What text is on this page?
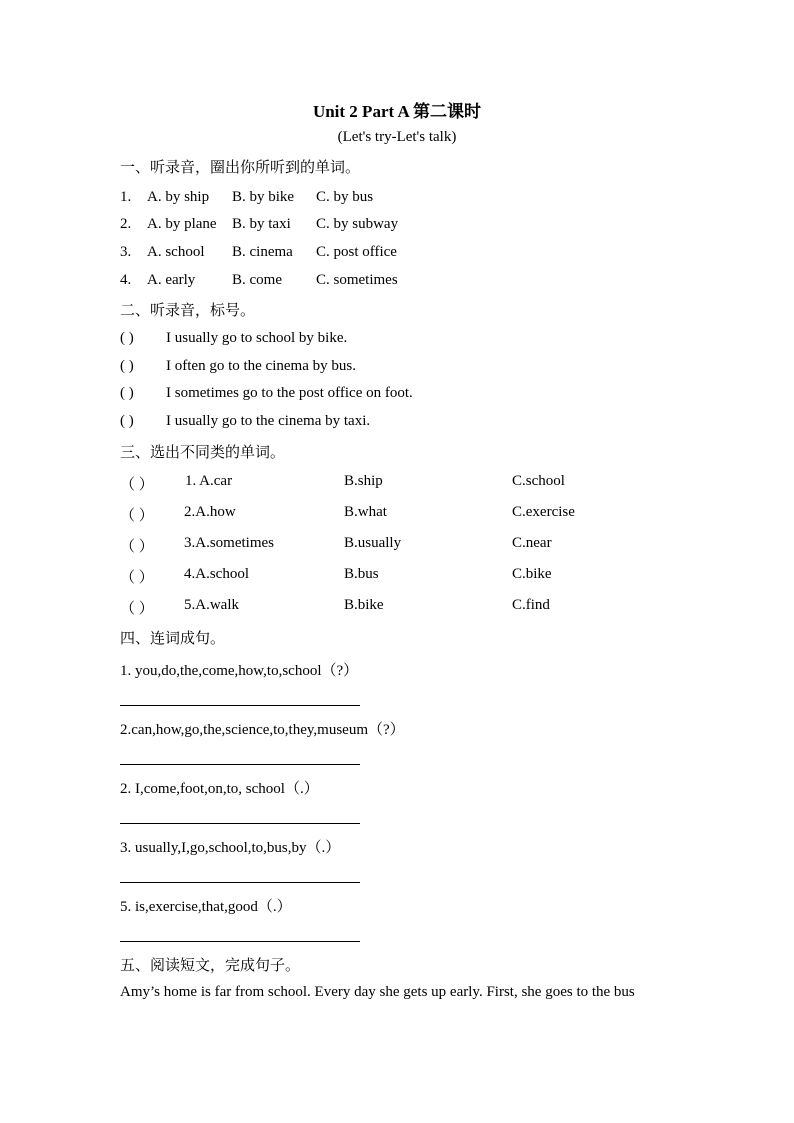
Unit 2 Part A 第二课时
(Let's try-Let's talk)
一、听录音，圈出你所听到的单词。
1. A. by ship B. by bike C. by bus
2. A. by plane B. by taxi C. by subway
3. A. school B. cinema C. post office
4. A. early B. come C. sometimes
二、听录音，标号。
( ) I usually go to school by bike.
( ) I often go to the cinema by bus.
( ) I sometimes go to the post office on foot.
( ) I usually go to the cinema by taxi.
三、选出不同类的单词。
（ ） 1. A.car	B.ship	C.school
（ ） 2.A.how	B.what	C.exercise
（ ） 3.A.sometimes	B.usually	C.near
（ ） 4.A.school	B.bus	C.bike
（ ） 5.A.walk	B.bike	C.find
四、连词成句。
1. you,do,the,come,how,to,school（?）
2.can,how,go,the,science,to,they,museum（?）
2. I,come,foot,on,to, school（.）
3. usually,I,go,school,to,bus,by（.）
5. is,exercise,that,good（.）
五、阅读短文，完成句子。
Amy’s home is far from school. Every day she gets up early. First, she goes to the bus
